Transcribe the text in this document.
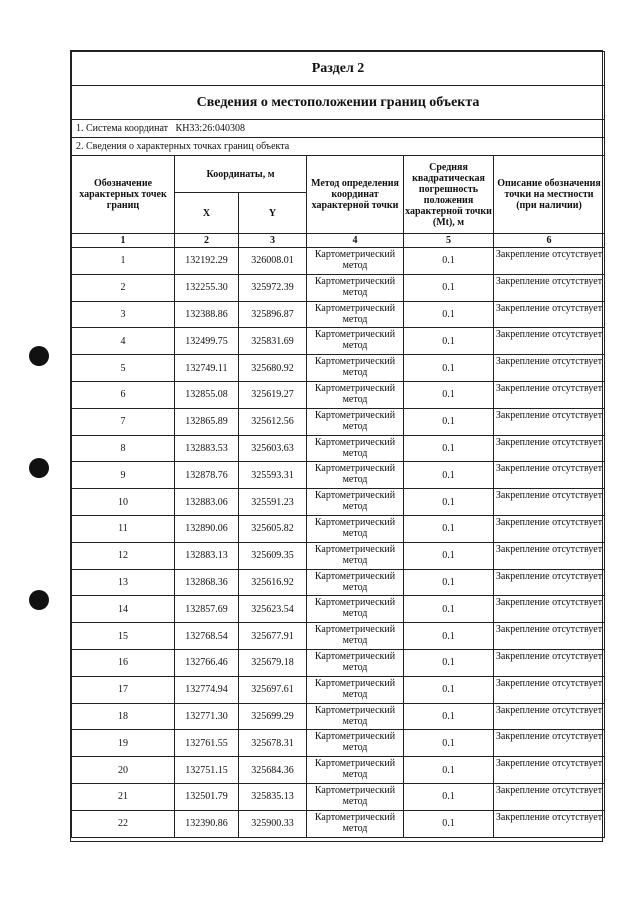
Раздел 2					
Сведения о местоположении границ объекта					
1. Система координат   КН33:26:040308					
2. Сведения о характерных точках границ объекта					
Обозначение характерных точек границ	Координаты, м		Метод определения координат характерной точки	Средняя квадратическая погрешность положения характерной точки (Mt), м	Описание обозначения точки на местности (при наличии)
	X	Y			
1	2	3	4	5	6
1	132192.29	326008.01	Картометрический метод	0.1	Закрепление отсутствует
2	132255.30	325972.39	Картометрический метод	0.1	Закрепление отсутствует
3	132388.86	325896.87	Картометрический метод	0.1	Закрепление отсутствует
4	132499.75	325831.69	Картометрический метод	0.1	Закрепление отсутствует
5	132749.11	325680.92	Картометрический метод	0.1	Закрепление отсутствует
6	132855.08	325619.27	Картометрический метод	0.1	Закрепление отсутствует
7	132865.89	325612.56	Картометрический метод	0.1	Закрепление отсутствует
8	132883.53	325603.63	Картометрический метод	0.1	Закрепление отсутствует
9	132878.76	325593.31	Картометрический метод	0.1	Закрепление отсутствует
10	132883.06	325591.23	Картометрический метод	0.1	Закрепление отсутствует
11	132890.06	325605.82	Картометрический метод	0.1	Закрепление отсутствует
12	132883.13	325609.35	Картометрический метод	0.1	Закрепление отсутствует
13	132868.36	325616.92	Картометрический метод	0.1	Закрепление отсутствует
14	132857.69	325623.54	Картометрический метод	0.1	Закрепление отсутствует
15	132768.54	325677.91	Картометрический метод	0.1	Закрепление отсутствует
16	132766.46	325679.18	Картометрический метод	0.1	Закрепление отсутствует
17	132774.94	325697.61	Картометрический метод	0.1	Закрепление отсутствует
18	132771.30	325699.29	Картометрический метод	0.1	Закрепление отсутствует
19	132761.55	325678.31	Картометрический метод	0.1	Закрепление отсутствует
20	132751.15	325684.36	Картометрический метод	0.1	Закрепление отсутствует
21	132501.79	325835.13	Картометрический метод	0.1	Закрепление отсутствует
22	132390.86	325900.33	Картометрический метод	0.1	Закрепление отсутствует
